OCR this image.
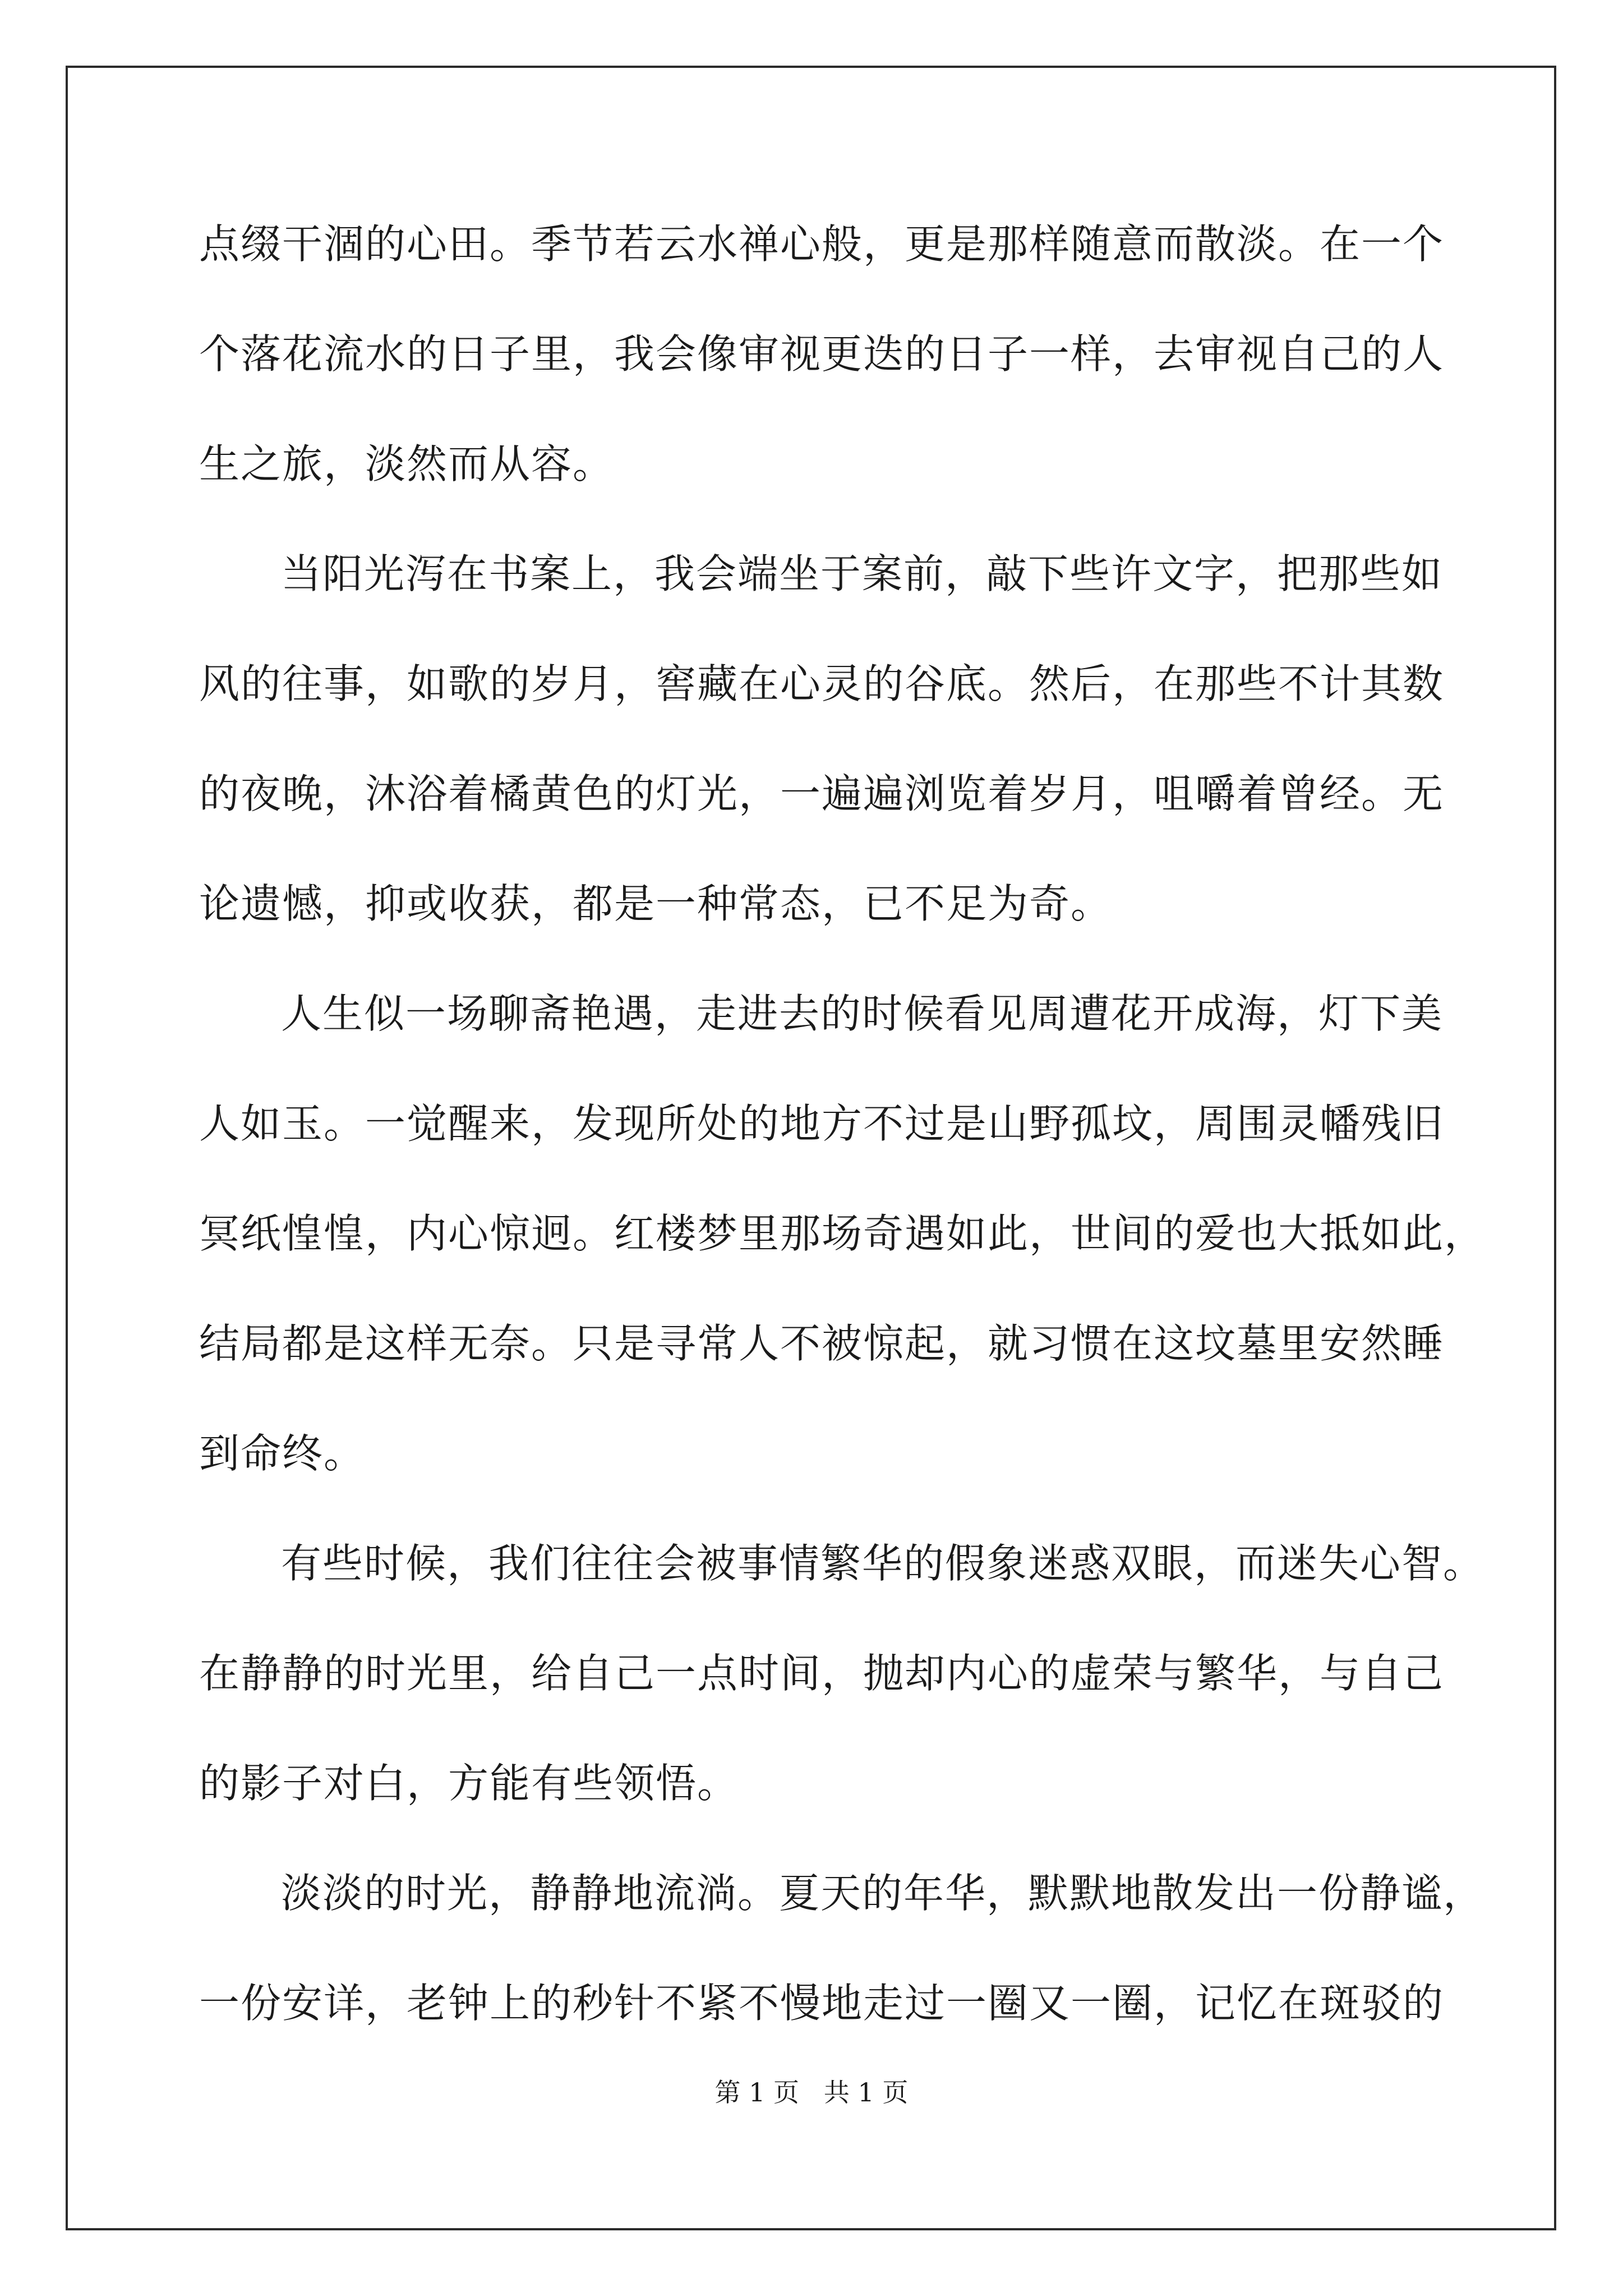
点缀干涸的心田。季节若云水禅心般，更是那样随意而散淡。在一个
个落花流水的日子里，我会像审视更迭的日子一样，去审视自己的人
生之旅，淡然而从容。
当阳光泻在书案上，我会端坐于案前，敲下些许文字，把那些如
风的往事，如歌的岁月，窖藏在心灵的谷底。然后，在那些不计其数
的夜晚，沐浴着橘黄色的灯光，一遍遍浏览着岁月，咀嚼着曾经。无
论遗憾，抑或收获，都是一种常态，已不足为奇。
人生似一场聊斋艳遇，走进去的时候看见周遭花开成海，灯下美
人如玉。一觉醒来，发现所处的地方不过是山野孤坟，周围灵幡残旧
冥纸惶惶，内心惊迥。红楼梦里那场奇遇如此，世间的爱也大抵如此，
结局都是这样无奈。只是寻常人不被惊起，就习惯在这坟墓里安然睡
到命终。
有些时候，我们往往会被事情繁华的假象迷惑双眼，而迷失心智。
在静静的时光里，给自己一点时间，抛却内心的虚荣与繁华，与自己
的影子对白，方能有些领悟。
淡淡的时光，静静地流淌。夏天的年华，默默地散发出一份静谧，
一份安详，老钟上的秒针不紧不慢地走过一圈又一圈，记忆在斑驳的
第 1 页   共 1 页
